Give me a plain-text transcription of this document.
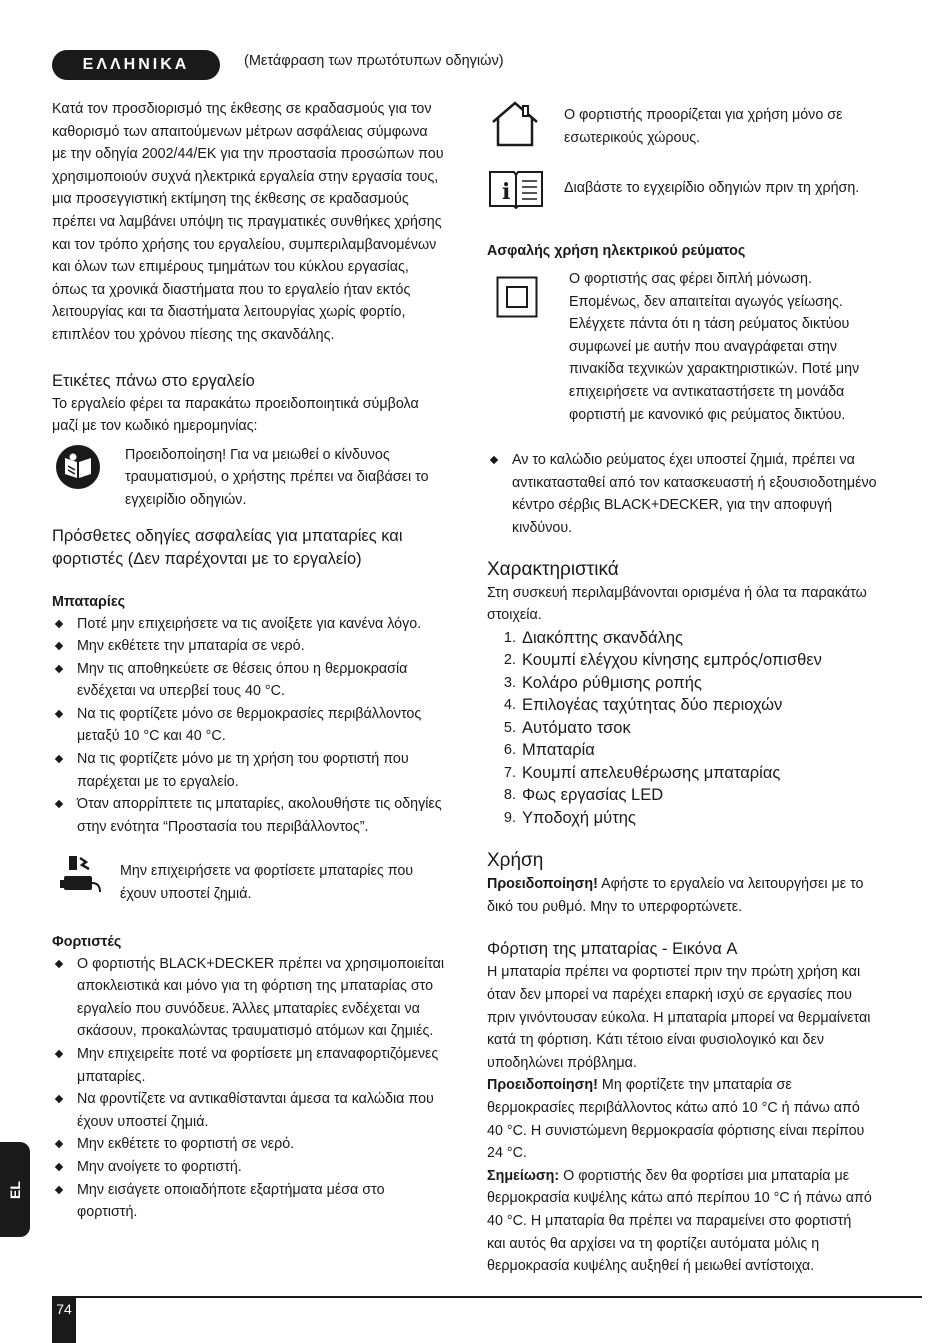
ΕΛΛΗΝΙΚΑ	(Μετάφραση των πρωτότυπων οδηγιών)

Κατά τον προσδιορισμό της έκθεσης σε κραδασμούς για τον

καθορισμό των απαιτούμενων μέτρων ασφάλειας σύμφωνα

με την οδηγία 2002/44/ΕΚ για την προστασία προσώπων που

χρησιμοποιούν συχνά ηλεκτρικά εργαλεία στην εργασία τους,

μια προσεγγιστική εκτίμηση της έκθεσης σε κραδασμούς

πρέπει να λαμβάνει υπόψη τις πραγματικές συνθήκες χρήσης

και τον τρόπο χρήσης του εργαλείου, συμπεριλαμβανομένων

και όλων των επιμέρους τμημάτων του κύκλου εργασίας,

όπως τα χρονικά διαστήματα που το εργαλείο ήταν εκτός

λειτουργίας και τα διαστήματα λειτουργίας χωρίς φορτίο,

επιπλέον του χρόνου πίεσης της σκανδάλης.

Ετικέτες πάνω στο εργαλείο

Το εργαλείο φέρει τα παρακάτω προειδοποιητικά σύμβολα

μαζί με τον κωδικό ημερομηνίας:

Προειδοποίηση! Για να μειωθεί ο κίνδυνος

τραυματισμού, ο χρήστης πρέπει να διαβάσει το

εγχειρίδιο οδηγιών.

Πρόσθετες οδηγίες ασφαλείας για μπαταρίες και

φορτιστές (Δεν παρέχονται με το εργαλείο)

Μπαταρίες

Ποτέ μην επιχειρήσετε να τις ανοίξετε για κανένα λόγο.
Μην εκθέτετε την μπαταρία σε νερό.
Μην τις αποθηκεύετε σε θέσεις όπου η θερμοκρασία
ενδέχεται να υπερβεί τους 40 °C.
Να τις φορτίζετε μόνο σε θερμοκρασίες περιβάλλοντος
μεταξύ 10 °C και 40 °C.
Να τις φορτίζετε μόνο με τη χρήση του φορτιστή που
παρέχεται με το εργαλείο.
Όταν απορρίπτετε τις μπαταρίες, ακολουθήστε τις οδηγίες
στην ενότητα “Προστασία του περιβάλλοντος”.

Μην επιχειρήσετε να φορτίσετε μπαταρίες που

έχουν υποστεί ζημιά.

Φορτιστές

Ο φορτιστής BLACK+DECKER πρέπει να χρησιμοποιείται
αποκλειστικά και μόνο για τη φόρτιση της μπαταρίας στο
εργαλείο που συνόδευε. Άλλες μπαταρίες ενδέχεται να
σκάσουν, προκαλώντας τραυματισμό ατόμων και ζημιές.
Μην επιχειρείτε ποτέ να φορτίσετε μη επαναφορτιζόμενες
μπαταρίες.
Να φροντίζετε να αντικαθίστανται άμεσα τα καλώδια που
έχουν υποστεί ζημιά.
Μην εκθέτετε το φορτιστή σε νερό.
Μην ανοίγετε το φορτιστή.
Μην εισάγετε οποιαδήποτε εξαρτήματα μέσα στο
φορτιστή.

Ο φορτιστής προορίζεται για χρήση μόνο σε

εσωτερικούς χώρους.

i	Διαβάστε το εγχειρίδιο οδηγιών πριν τη χρήση.

Ασφαλής χρήση ηλεκτρικού ρεύματος

Ο φορτιστής σας φέρει διπλή μόνωση.

Επομένως, δεν απαιτείται αγωγός γείωσης.

Ελέγχετε πάντα ότι η τάση ρεύματος δικτύου

συμφωνεί με αυτήν που αναγράφεται στην

πινακίδα τεχνικών χαρακτηριστικών. Ποτέ μην

επιχειρήσετε να αντικαταστήσετε τη μονάδα

φορτιστή με κανονικό φις ρεύματος δικτύου.

Αν το καλώδιο ρεύματος έχει υποστεί ζημιά, πρέπει να
αντικατασταθεί από τον κατασκευαστή ή εξουσιοδοτημένο
κέντρο σέρβις BLACK+DECKER, για την αποφυγή
κινδύνου.

Χαρακτηριστικά

Στη συσκευή περιλαμβάνονται ορισμένα ή όλα τα παρακάτω

στοιχεία.

1. Διακόπτης σκανδάλης
2. Κουμπί ελέγχου κίνησης εμπρός/οπισθεν
3. Κολάρο ρύθμισης ροπής
4. Επιλογέας ταχύτητας δύο περιοχών
5. Αυτόματο τσοκ
6. Μπαταρία
7. Κουμπί απελευθέρωσης μπαταρίας
8. Φως εργασίας LED
9. Υποδοχή μύτης

Χρήση

Προειδοποίηση! Αφήστε το εργαλείο να λειτουργήσει με το

δικό του ρυθμό. Μην το υπερφορτώνετε.

Φόρτιση της μπαταρίας - Εικόνα A

Η μπαταρία πρέπει να φορτιστεί πριν την πρώτη χρήση και

όταν δεν μπορεί να παρέχει επαρκή ισχύ σε εργασίες που

πριν γινόντουσαν εύκολα. Η μπαταρία μπορεί να θερμαίνεται

κατά τη φόρτιση. Κάτι τέτοιο είναι φυσιολογικό και δεν

υποδηλώνει πρόβλημα.

Προειδοποίηση! Μη φορτίζετε την μπαταρία σε

θερμοκρασίες περιβάλλοντος κάτω από 10 °C ή πάνω από

40 °C. Η συνιστώμενη θερμοκρασία φόρτισης είναι περίπου

24 °C.

Σημείωση: Ο φορτιστής δεν θα φορτίσει μια μπαταρία με

θερμοκρασία κυψέλης κάτω από περίπου 10 °C ή πάνω από

40 °C. Η μπαταρία θα πρέπει να παραμείνει στο φορτιστή

και αυτός θα αρχίσει να τη φορτίζει αυτόματα μόλις η

θερμοκρασία κυψέλης αυξηθεί ή μειωθεί αντίστοιχα.

EL
74
